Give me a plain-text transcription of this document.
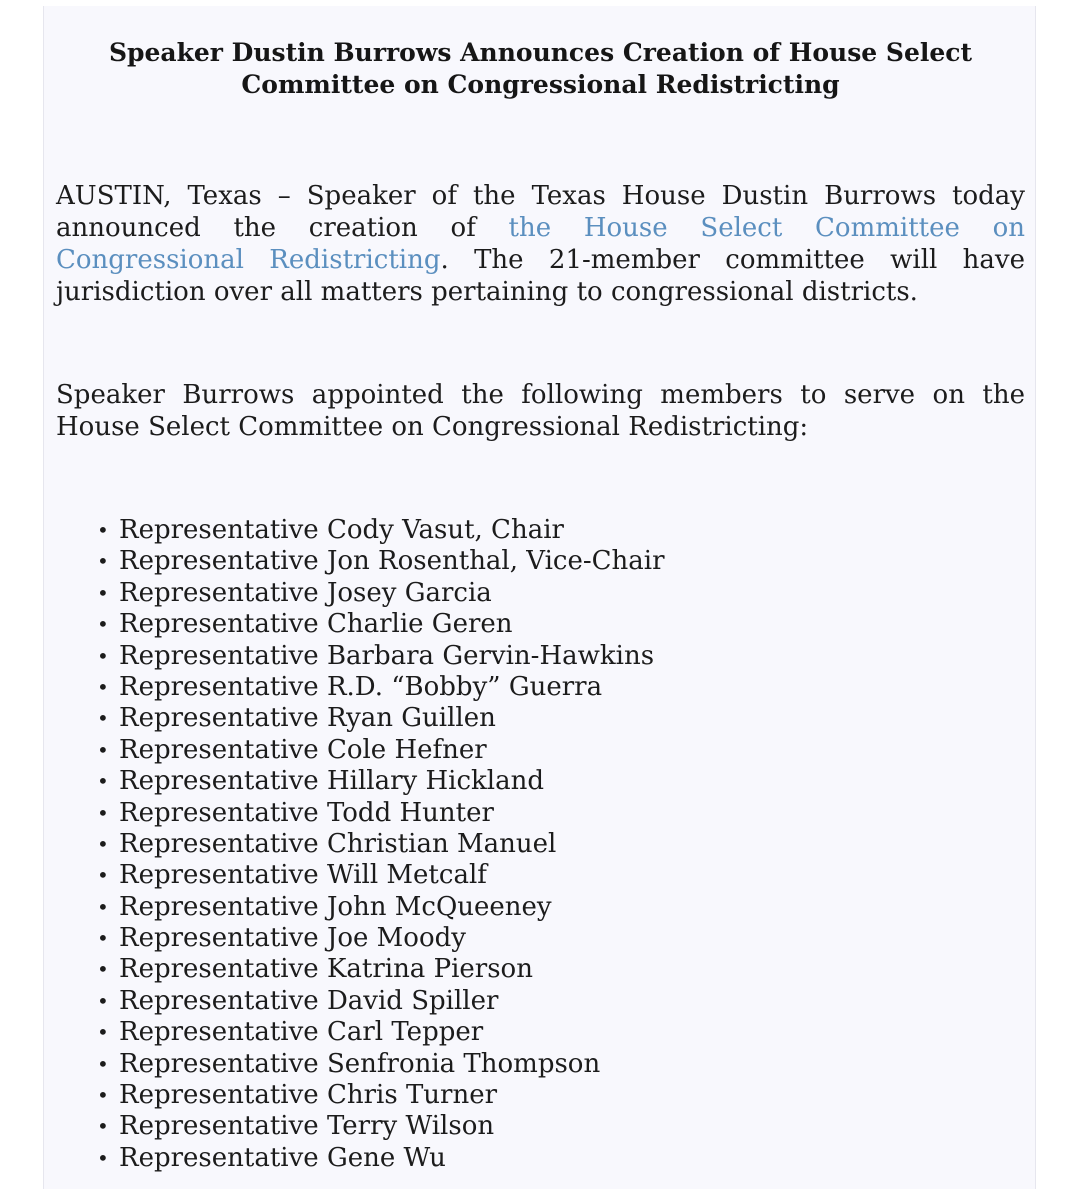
Speaker Dustin Burrows Announces Creation of House Select
Committee on Congressional Redistricting

AUSTIN, Texas – Speaker of the Texas House Dustin Burrows today announced the creation of the House Select Committee on Congressional Redistricting. The 21-member committee will have jurisdiction over all matters pertaining to congressional districts.

Speaker Burrows appointed the following members to serve on the House Select Committee on Congressional Redistricting:

• Representative Cody Vasut, Chair
• Representative Jon Rosenthal, Vice-Chair
• Representative Josey Garcia
• Representative Charlie Geren
• Representative Barbara Gervin-Hawkins
• Representative R.D. “Bobby” Guerra
• Representative Ryan Guillen
• Representative Cole Hefner
• Representative Hillary Hickland
• Representative Todd Hunter
• Representative Christian Manuel
• Representative Will Metcalf
• Representative John McQueeney
• Representative Joe Moody
• Representative Katrina Pierson
• Representative David Spiller
• Representative Carl Tepper
• Representative Senfronia Thompson
• Representative Chris Turner
• Representative Terry Wilson
• Representative Gene Wu
